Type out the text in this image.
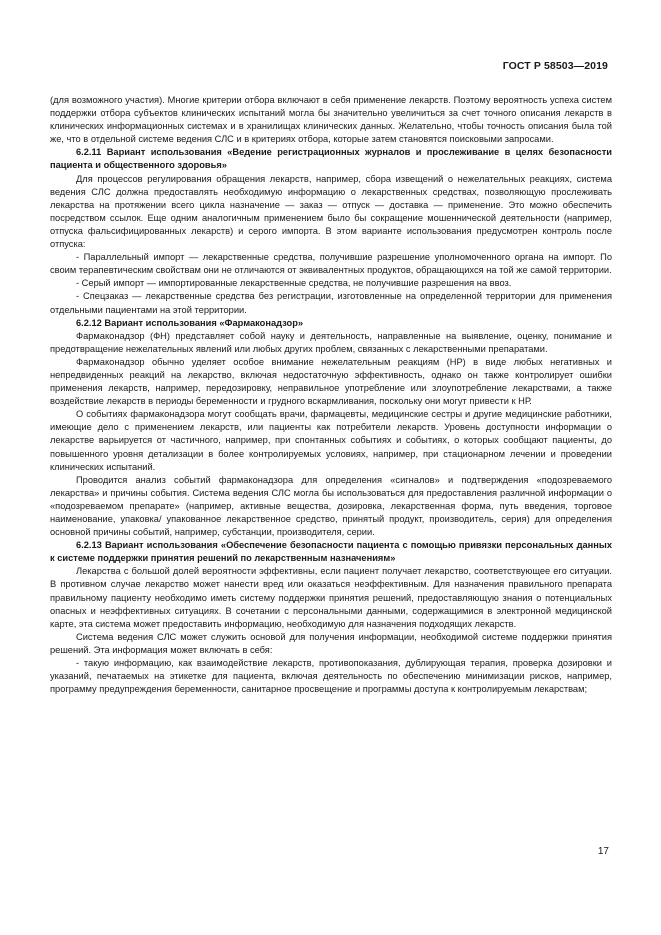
ГОСТ Р 58503—2019

(для возможного участия). Многие критерии отбора включают в себя применение лекарств. Поэтому вероятность успеха систем поддержки отбора субъектов клинических испытаний могла бы значительно увеличиться за счет точного описания лекарств в клинических информационных системах и в хранилищах клинических данных. Желательно, чтобы точность описания была той же, что в отдельной системе ведения СЛС и в критериях отбора, которые затем становятся поисковыми запросами.

6.2.11 Вариант использования «Ведение регистрационных журналов и прослеживание в целях безопасности пациента и общественного здоровья»

Для процессов регулирования обращения лекарств, например, сбора извещений о нежелательных реакциях, система ведения СЛС должна предоставлять необходимую информацию о лекарственных средствах, позволяющую прослеживать лекарства на протяжении всего цикла назначение — заказ — отпуск — доставка — применение. Это можно обеспечить посредством ссылок. Еще одним аналогичным применением было бы сокращение мошеннической деятельности (например, отпуска фальсифицированных лекарств) и серого импорта. В этом варианте использования предусмотрен контроль после отпуска:

- Параллельный импорт — лекарственные средства, получившие разрешение уполномоченного органа на импорт. По своим терапевтическим свойствам они не отличаются от эквивалентных продуктов, обращающихся на той же самой территории.

- Серый импорт — импортированные лекарственные средства, не получившие разрешения на ввоз.

- Спецзаказ — лекарственные средства без регистрации, изготовленные на определенной территории для применения отдельными пациентами на этой территории.

6.2.12 Вариант использования «Фармаконадзор»

Фармаконадзор (ФН) представляет собой науку и деятельность, направленные на выявление, оценку, понимание и предотвращение нежелательных явлений или любых других проблем, связанных с лекарственными препаратами.

Фармаконадзор обычно уделяет особое внимание нежелательным реакциям (НР) в виде любых негативных и непредвиденных реакций на лекарство, включая недостаточную эффективность, однако он также контролирует ошибки применения лекарств, например, передозировку, неправильное употребление или злоупотребление лекарствами, а также воздействие лекарств в периоды беременности и грудного вскармливания, поскольку они могут привести к НР.

О событиях фармаконадзора могут сообщать врачи, фармацевты, медицинские сестры и другие медицинские работники, имеющие дело с применением лекарств, или пациенты как потребители лекарств. Уровень доступности информации о лекарстве варьируется от частичного, например, при спонтанных событиях и событиях, о которых сообщают пациенты, до повышенного уровня детализации в более контролируемых условиях, например, при стационарном лечении и проведении клинических испытаний.

Проводится анализ событий фармаконадзора для определения «сигналов» и подтверждения «подозреваемого лекарства» и причины события. Система ведения СЛС могла бы использоваться для предоставления различной информации о «подозреваемом препарате» (например, активные вещества, дозировка, лекарственная форма, путь введения, торговое наименование, упаковка/ упакованное лекарственное средство, принятый продукт, производитель, серия) для определения основной причины событий, например, субстанции, производителя, серии.

6.2.13 Вариант использования «Обеспечение безопасности пациента с помощью привязки персональных данных к системе поддержки принятия решений по лекарственным назначениям»

Лекарства с большой долей вероятности эффективны, если пациент получает лекарство, соответствующее его ситуации. В противном случае лекарство может нанести вред или оказаться неэффективным. Для назначения правильного препарата правильному пациенту необходимо иметь систему поддержки принятия решений, предоставляющую знания о потенциальных опасных и неэффективных ситуациях. В сочетании с персональными данными, содержащимися в электронной медицинской карте, эта система может предоставить информацию, необходимую для назначения подходящих лекарств.

Система ведения СЛС может служить основой для получения информации, необходимой системе поддержки принятия решений. Эта информация может включать в себя:

- такую информацию, как взаимодействие лекарств, противопоказания, дублирующая терапия, проверка дозировки и указаний, печатаемых на этикетке для пациента, включая деятельность по обеспечению минимизации рисков, например, программу предупреждения беременности, санитарное просвещение и программы доступа к контролируемым лекарствам;

17
